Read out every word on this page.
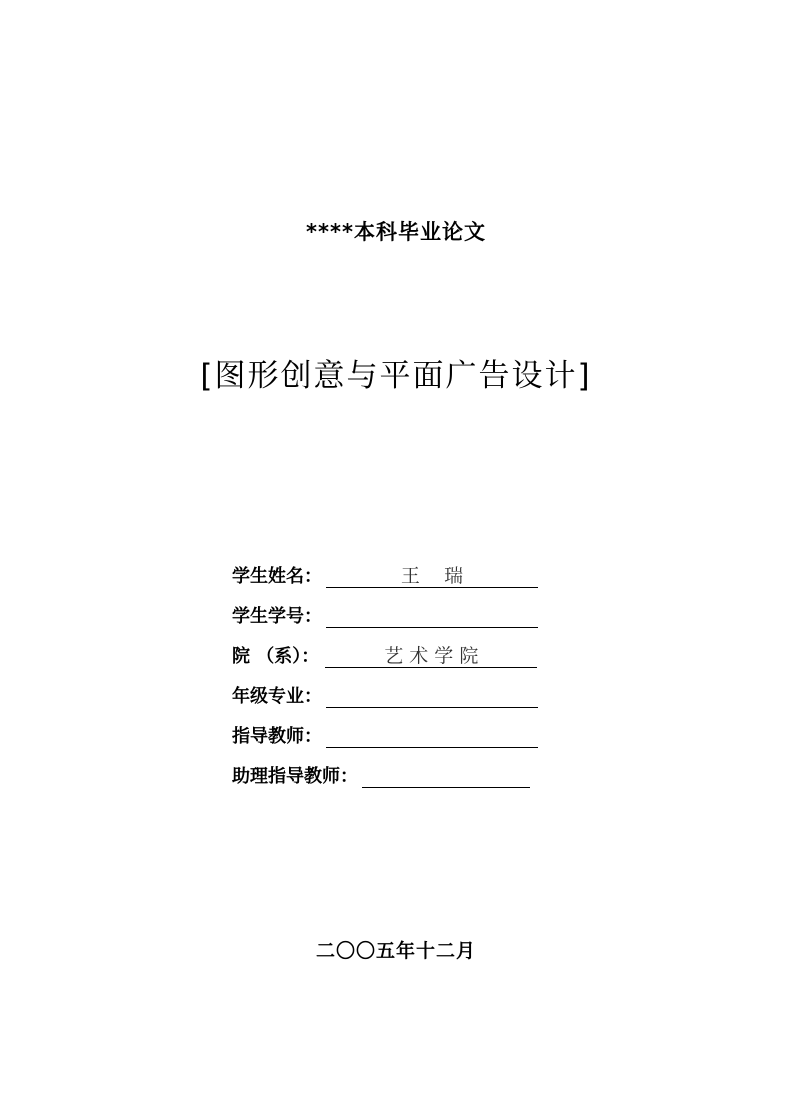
****本科毕业论文
[图形创意与平面广告设计]
学生姓名：	王    瑞
学生学号：
院 （系）：	艺 术 学 院
年级专业：
指导教师：
助理指导教师：
二〇〇五年十二月
